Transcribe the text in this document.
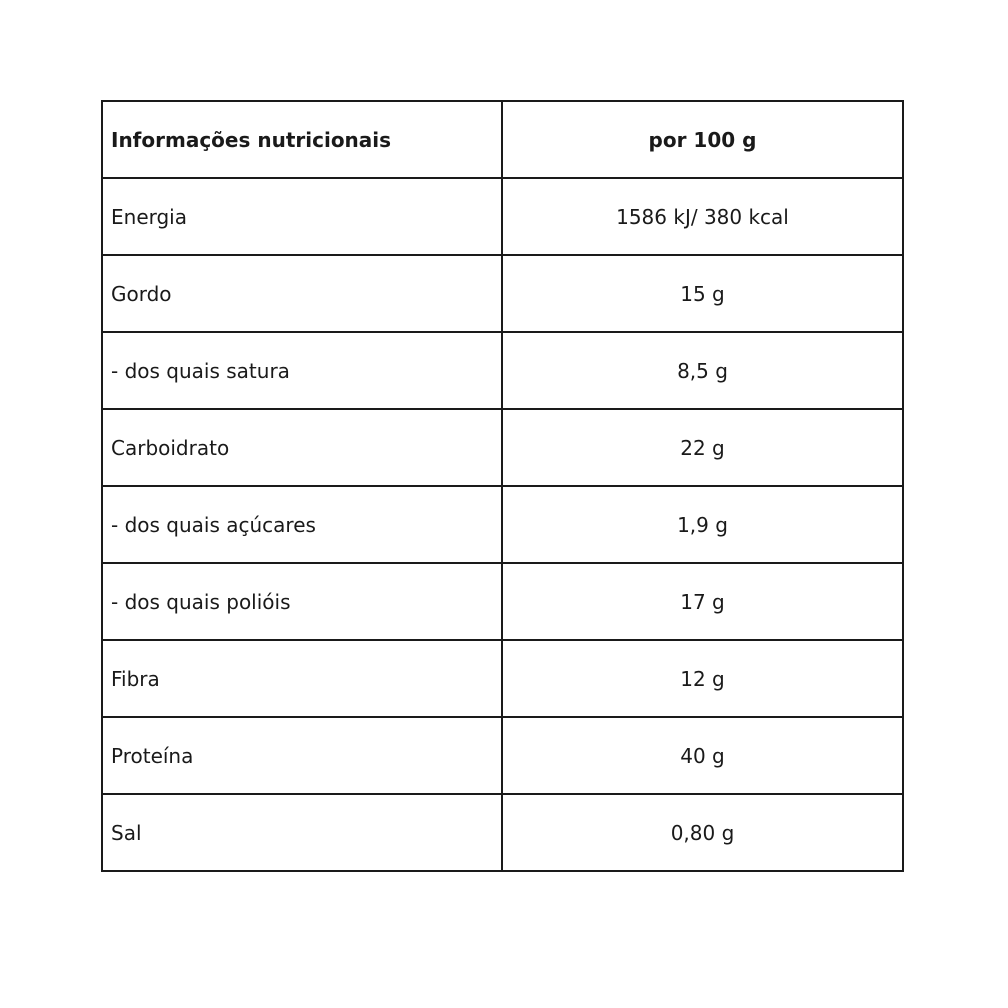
Informações nutricionais	por 100 g
Energia	1586 kJ/ 380 kcal
Gordo	15 g
- dos quais satura	8,5 g
Carboidrato	22 g
- dos quais açúcares	1,9 g
- dos quais polióis	17 g
Fibra	12 g
Proteína	40 g
Sal	0,80 g
